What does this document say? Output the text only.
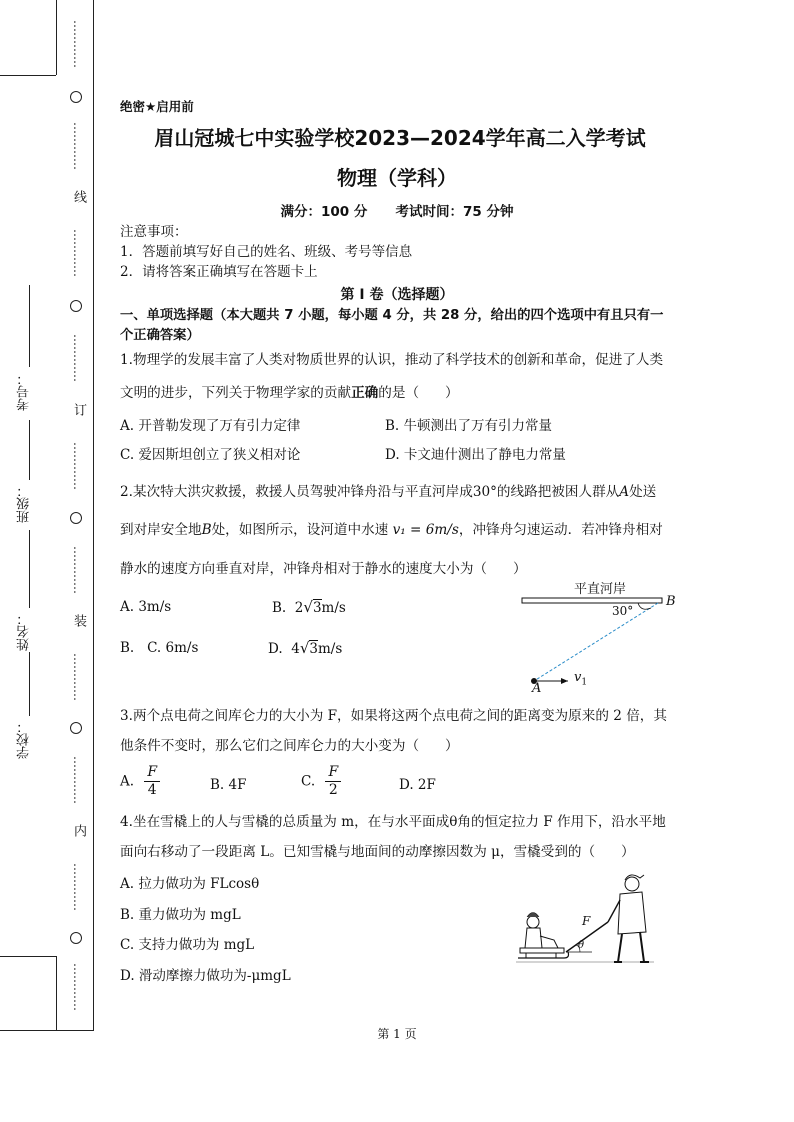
…………
…………
线
…………
…………
订
…………
…………
装
…………
…………
内
…………
…………
考号：
班级：
姓名：
学校：
绝密★启用前
眉山冠城七中实验学校2023—2024学年高二入学考试
物理（学科）
满分：100 分      考试时间：75 分钟
注意事项：
1．答题前填写好自己的姓名、班级、考号等信息
2．请将答案正确填写在答题卡上
第 I 卷（选择题）
一、单项选择题（本大题共 7 小题，每小题 4 分，共 28 分，给出的四个选项中有且只有一
个正确答案）
1.物理学的发展丰富了人类对物质世界的认识，推动了科学技术的创新和革命，促进了人类
文明的进步，下列关于物理学家的贡献正确的是（      ）
A. 开普勒发现了万有引力定律	B. 牛顿测出了万有引力常量
C. 爱因斯坦创立了狭义相对论	D. 卡文迪什测出了静电力常量
2.某次特大洪灾救援，救援人员驾驶冲锋舟沿与平直河岸成30°的线路把被困人群从A处送
到对岸安全地B处，如图所示，设河道中水速 v₁ = 6m/s，冲锋舟匀速运动．若冲锋舟相对
静水的速度方向垂直对岸，冲锋舟相对于静水的速度大小为（      ）
A. 3m/s	B.  2√3m/s
B.   C. 6m/s	D.  4√3m/s
平直河岸
30°
B
A
$v_1$
3.两个点电荷之间库仑力的大小为 F，如果将这两个点电荷之间的距离变为原来的 2 倍，其
他条件不变时，那么它们之间库仑力的大小变为（      ）
A. $\frac{F}{4}$	B. 4F	C. $\frac{F}{2}$	D. 2F
4.坐在雪橇上的人与雪橇的总质量为 m，在与水平面成θ角的恒定拉力 F 作用下，沿水平地
面向右移动了一段距离 L。已知雪橇与地面间的动摩擦因数为 μ，雪橇受到的（      ）
A. 拉力做功为 FLcosθ
B. 重力做功为 mgL
C. 支持力做功为 mgL
D. 滑动摩擦力做功为-μmgL
F
θ
第 1 页
